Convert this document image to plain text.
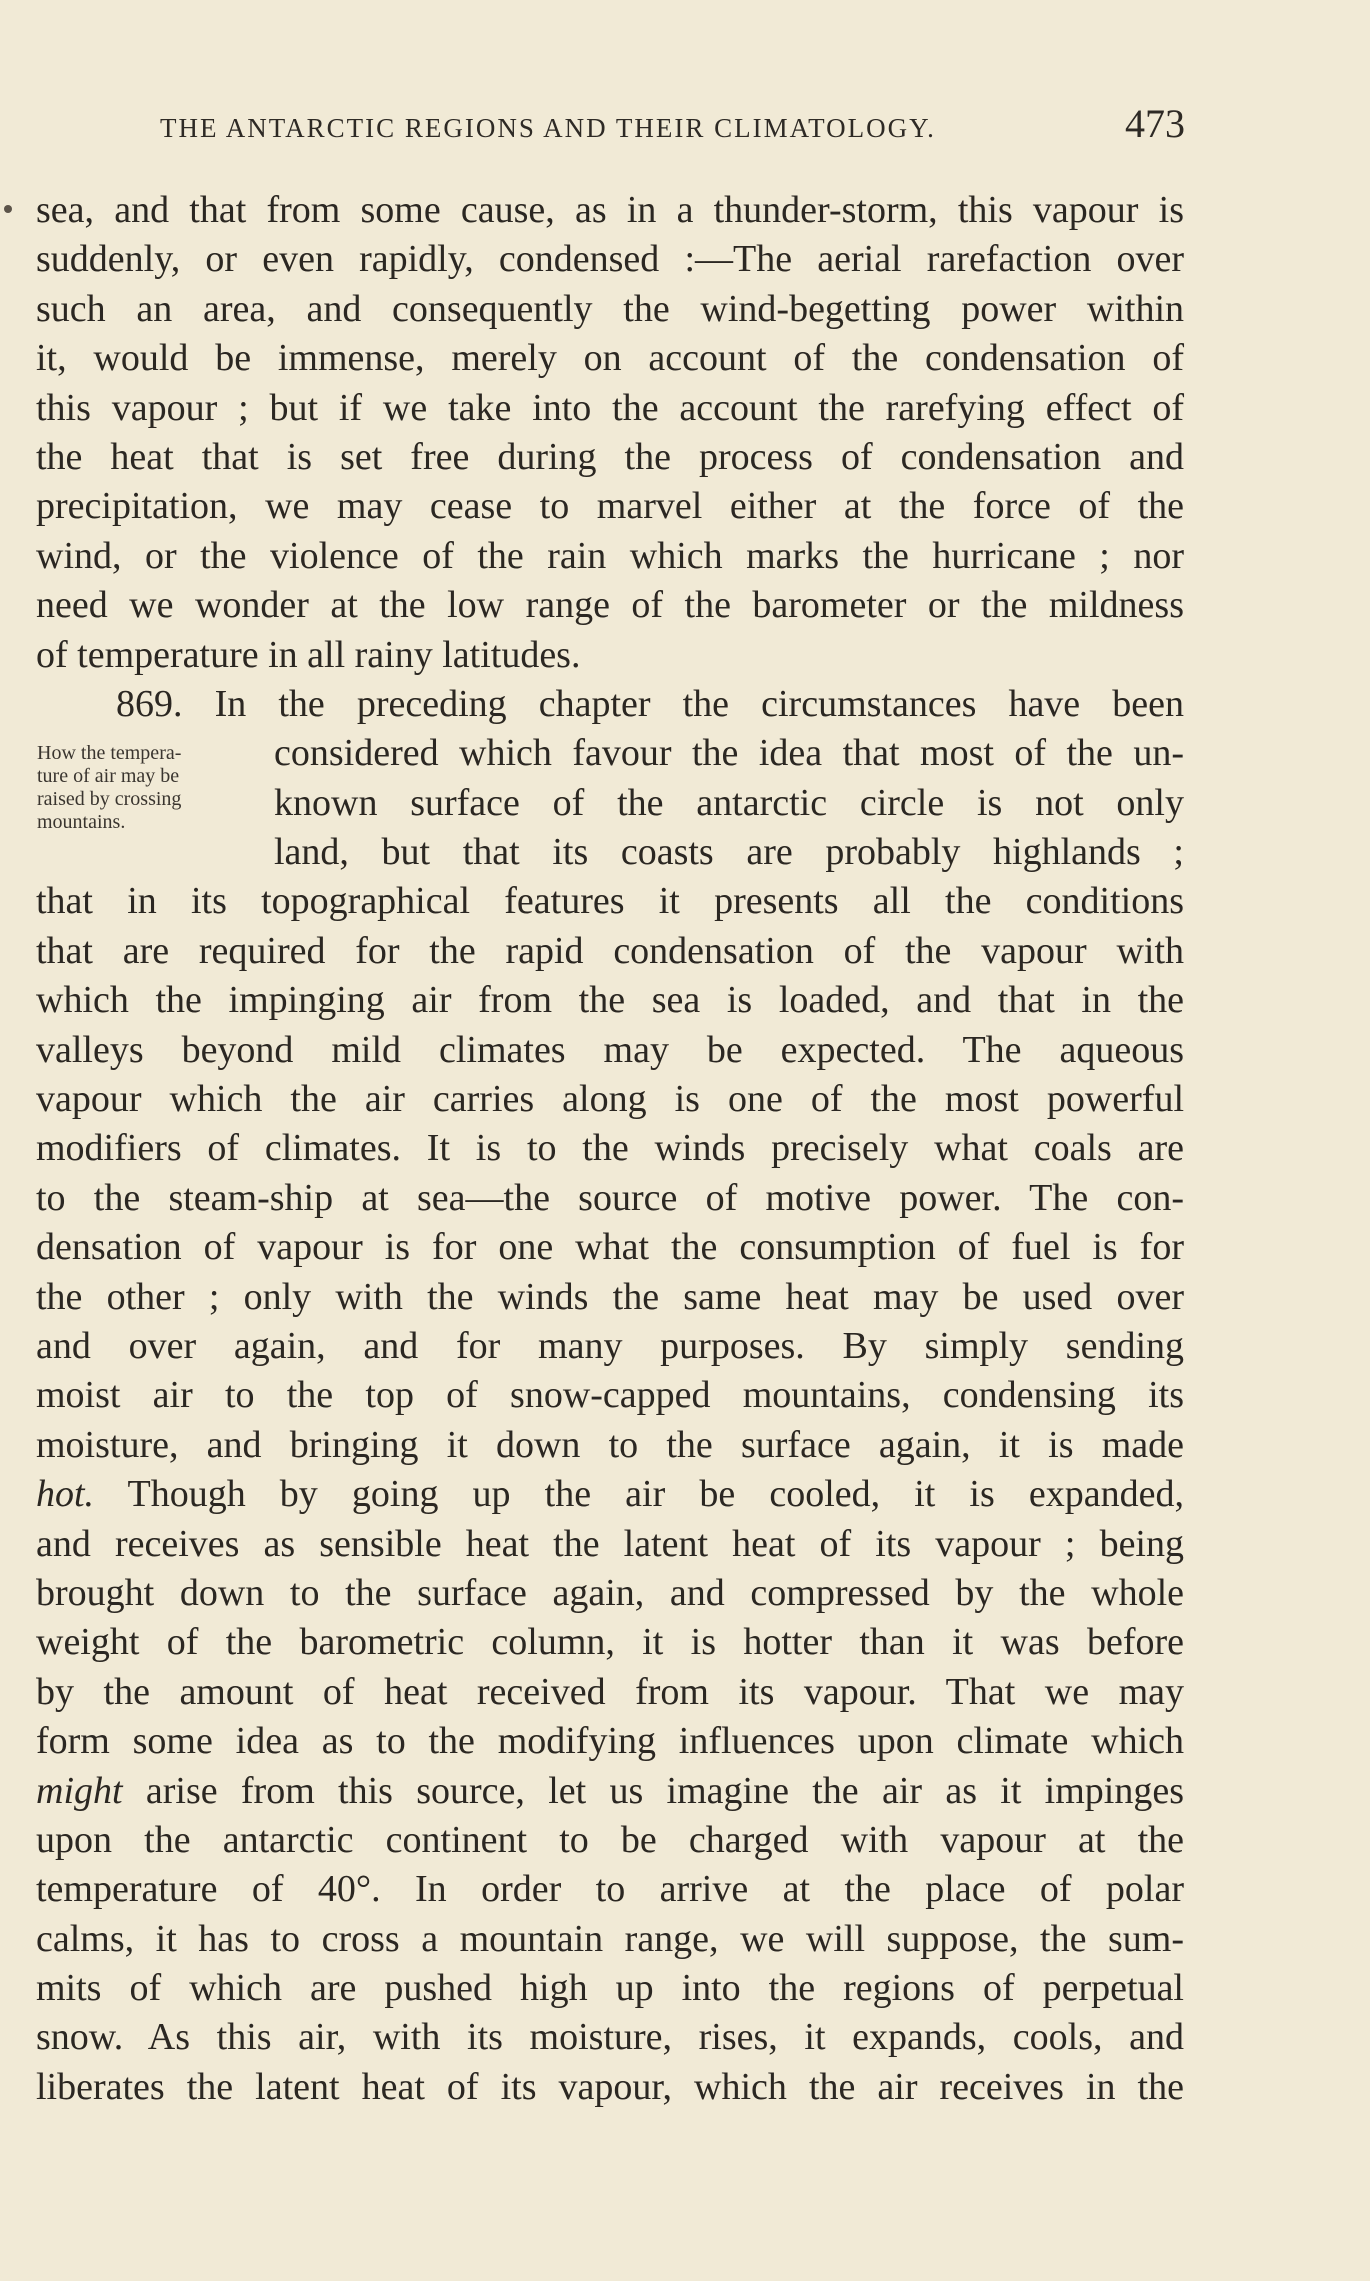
THE ANTARCTIC REGIONS AND THEIR CLIMATOLOGY.	473
How the tempera-
ture of air may be
raised by crossing
mountains.
sea, and that from some cause, as in a thunder-storm, this vapour is
suddenly, or even rapidly, condensed :—The aerial rarefaction over
such an area, and consequently the wind-begetting power within
it, would be immense, merely on account of the condensation of
this vapour ; but if we take into the account the rarefying effect of
the heat that is set free during the process of condensation and
precipitation, we may cease to marvel either at the force of the
wind, or the violence of the rain which marks the hurricane ; nor
need we wonder at the low range of the barometer or the mildness
of temperature in all rainy latitudes.
869. In the preceding chapter the circumstances have been
considered which favour the idea that most of the un-
known surface of the antarctic circle is not only
land, but that its coasts are probably highlands ;
that in its topographical features it presents all the conditions
that are required for the rapid condensation of the vapour with
which the impinging air from the sea is loaded, and that in the
valleys beyond mild climates may be expected. The aqueous
vapour which the air carries along is one of the most powerful
modifiers of climates. It is to the winds precisely what coals are
to the steam-ship at sea—the source of motive power. The con-
densation of vapour is for one what the consumption of fuel is for
the other ; only with the winds the same heat may be used over
and over again, and for many purposes. By simply sending
moist air to the top of snow-capped mountains, condensing its
moisture, and bringing it down to the surface again, it is made
hot. Though by going up the air be cooled, it is expanded,
and receives as sensible heat the latent heat of its vapour ; being
brought down to the surface again, and compressed by the whole
weight of the barometric column, it is hotter than it was before
by the amount of heat received from its vapour. That we may
form some idea as to the modifying influences upon climate which
might arise from this source, let us imagine the air as it impinges
upon the antarctic continent to be charged with vapour at the
temperature of 40°. In order to arrive at the place of polar
calms, it has to cross a mountain range, we will suppose, the sum-
mits of which are pushed high up into the regions of perpetual
snow. As this air, with its moisture, rises, it expands, cools, and
liberates the latent heat of its vapour, which the air receives in the
